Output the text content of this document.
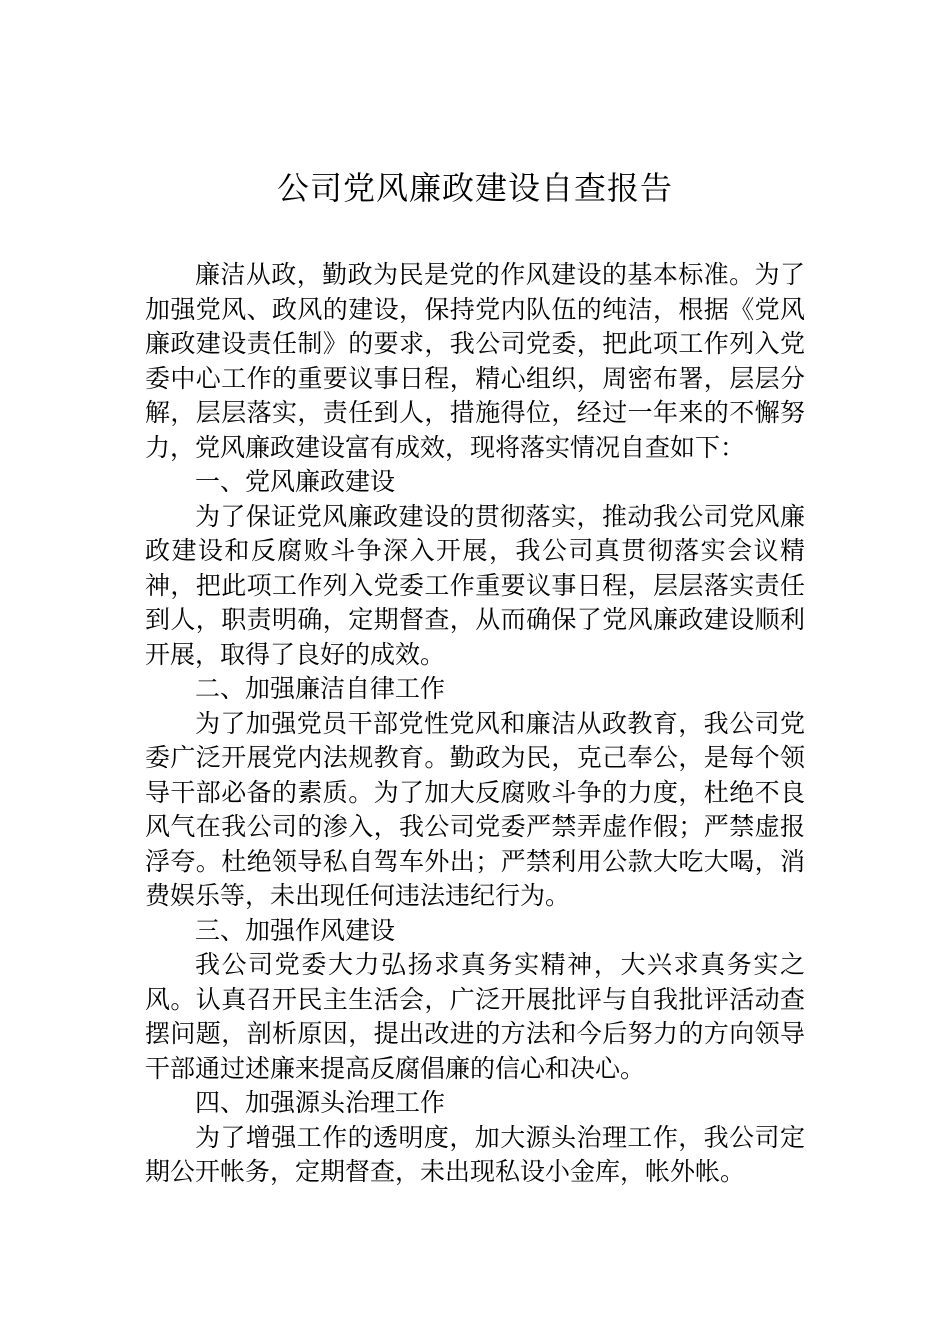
公司党风廉政建设自查报告

廉洁从政，勤政为民是党的作风建设的基本标准。为了加强党风、政风的建设，保持党内队伍的纯洁，根据《党风廉政建设责任制》的要求，我公司党委，把此项工作列入党委中心工作的重要议事日程，精心组织，周密布署，层层分解，层层落实，责任到人，措施得位，经过一年来的不懈努力，党风廉政建设富有成效，现将落实情况自查如下：

一、党风廉政建设

为了保证党风廉政建设的贯彻落实，推动我公司党风廉政建设和反腐败斗争深入开展，我公司真贯彻落实会议精神，把此项工作列入党委工作重要议事日程，层层落实责任到人，职责明确，定期督查，从而确保了党风廉政建设顺利开展，取得了良好的成效。

二、加强廉洁自律工作

为了加强党员干部党性党风和廉洁从政教育，我公司党委广泛开展党内法规教育。勤政为民，克己奉公，是每个领导干部必备的素质。为了加大反腐败斗争的力度，杜绝不良风气在我公司的渗入，我公司党委严禁弄虚作假；严禁虚报浮夸。杜绝领导私自驾车外出；严禁利用公款大吃大喝，消费娱乐等，未出现任何违法违纪行为。

三、加强作风建设

我公司党委大力弘扬求真务实精神，大兴求真务实之风。认真召开民主生活会，广泛开展批评与自我批评活动查摆问题，剖析原因，提出改进的方法和今后努力的方向领导干部通过述廉来提高反腐倡廉的信心和决心。

四、加强源头治理工作

为了增强工作的透明度，加大源头治理工作，我公司定期公开帐务，定期督查，未出现私设小金库，帐外帐。
